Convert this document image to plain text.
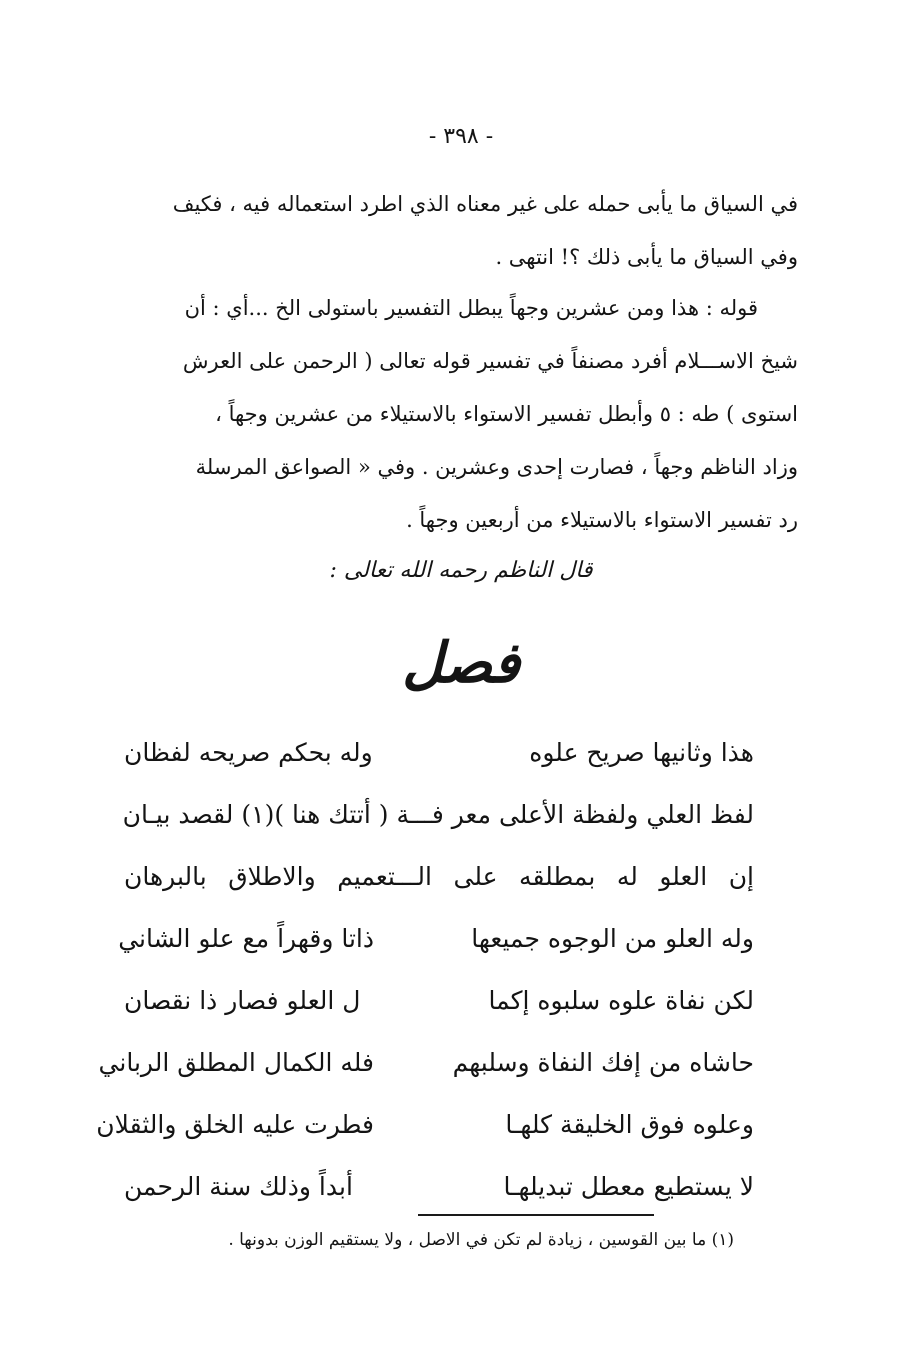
- ٣٩٨ -

في السياق ما يأبى حمله على غير معناه الذي اطرد استعماله فيه ، فكيف

وفي السياق ما يأبى ذلك ؟! انتهى .

قوله : هذا ومن عشرين وجهاً يبطل التفسير باستولى الخ ...أي : أن

شيخ الاســـلام أفرد مصنفاً في تفسير قوله تعالى ( الرحمن على العرش

استوى ) طه : ٥ وأبطل تفسير الاستواء بالاستيلاء من عشرين وجهاً ،

وزاد الناظم وجهاً ، فصارت إحدى وعشرين . وفي « الصواعق المرسلة

رد تفسير الاستواء بالاستيلاء من أربعين وجهاً .

قال الناظم رحمه الله تعالى :
فصل
هذا وثانيها صريح علوه
وله بحكم صريحه لفظان
لفظ العلي ولفظة الأعلى معر فـــة ( أتتك هنا )(١) لقصد بيـان
إن العلو له بمطلقه على الـــتعميم والاطلاق بالبرهان
وله العلو من الوجوه جميعها
ذاتا وقهراً مع علو الشاني
لكن نفاة علوه سلبوه إكما
ل العلو فصار ذا نقصان
حاشاه من إفك النفاة وسلبهم
فله الكمال المطلق الرباني
وعلوه فوق الخليقة كلهـا
فطرت عليه الخلق والثقلان
لا يستطيع معطل تبديلهـا
أبداً وذلك سنة الرحمن
(١) ما بين القوسين ، زيادة لم تكن في الاصل ، ولا يستقيم الوزن بدونها .
